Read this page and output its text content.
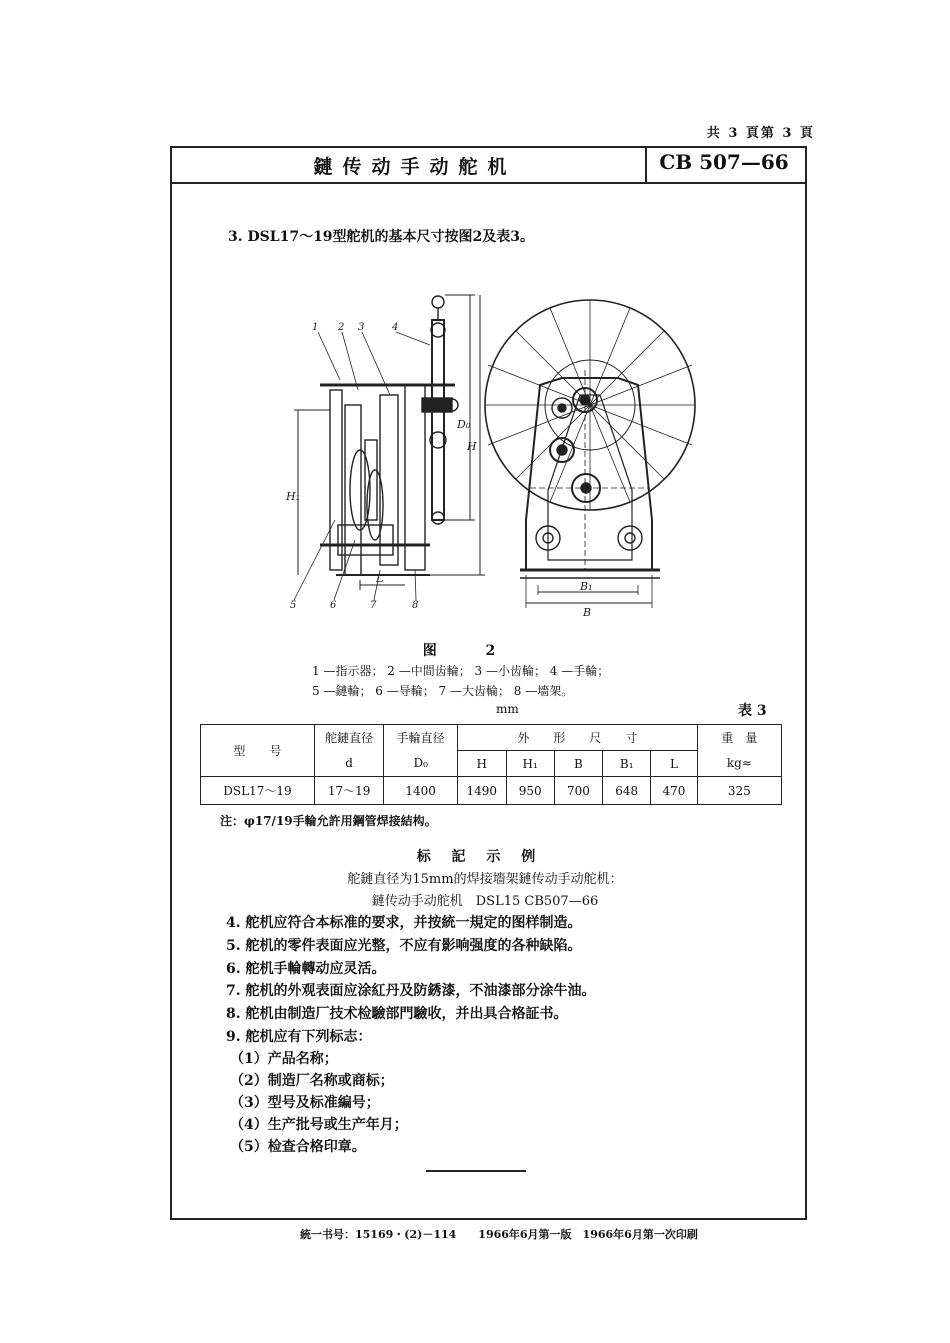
共 3 頁第 3 頁
鏈传动手动舵机	CB 507—66
3. DSL17～19型舵机的基本尺寸按图2及表3。
1 2 3	4
5	6	7	8
D₀
H
H₁
L
B₁
B
图 2
1 —指示器； 2 —中間齿輪； 3 —小齿輪； 4 —手輪；
5 —鏈輪； 6 —导輪； 7 —大齿輪； 8 —墻架。
mm	表 3
型　　号	舵鏈直径	手輪直径	外　　形　　尺　　寸					重　量
	d	D₀	H	H₁	B	B₁	L	kg≈
DSL17～19	17～19	1400	1490	950	700	648	470	325
注：φ17/19手輪允許用鋼管焊接結构。
标 記 示 例
舵鏈直径为15mm的焊接墻架鏈传动手动舵机：
鏈传动手动舵机　DSL15 CB507—66
4. 舵机应符合本标准的要求，并按統一規定的图样制造。
5. 舵机的零件表面应光整，不应有影响强度的各种缺陷。
6. 舵机手輪轉动应灵活。
7. 舵机的外观表面应涂紅丹及防銹漆，不油漆部分涂牛油。
8. 舵机由制造厂技术检驗部門驗收，并出具合格証书。
9. 舵机应有下列标志：
（1）产品名称；
（2）制造厂名称或商标；
（3）型号及标准編号；
（4）生产批号或生产年月；
（5）检查合格印章。
統一书号：15169・(2)－114　　1966年6月第一版　1966年6月第一次印刷
